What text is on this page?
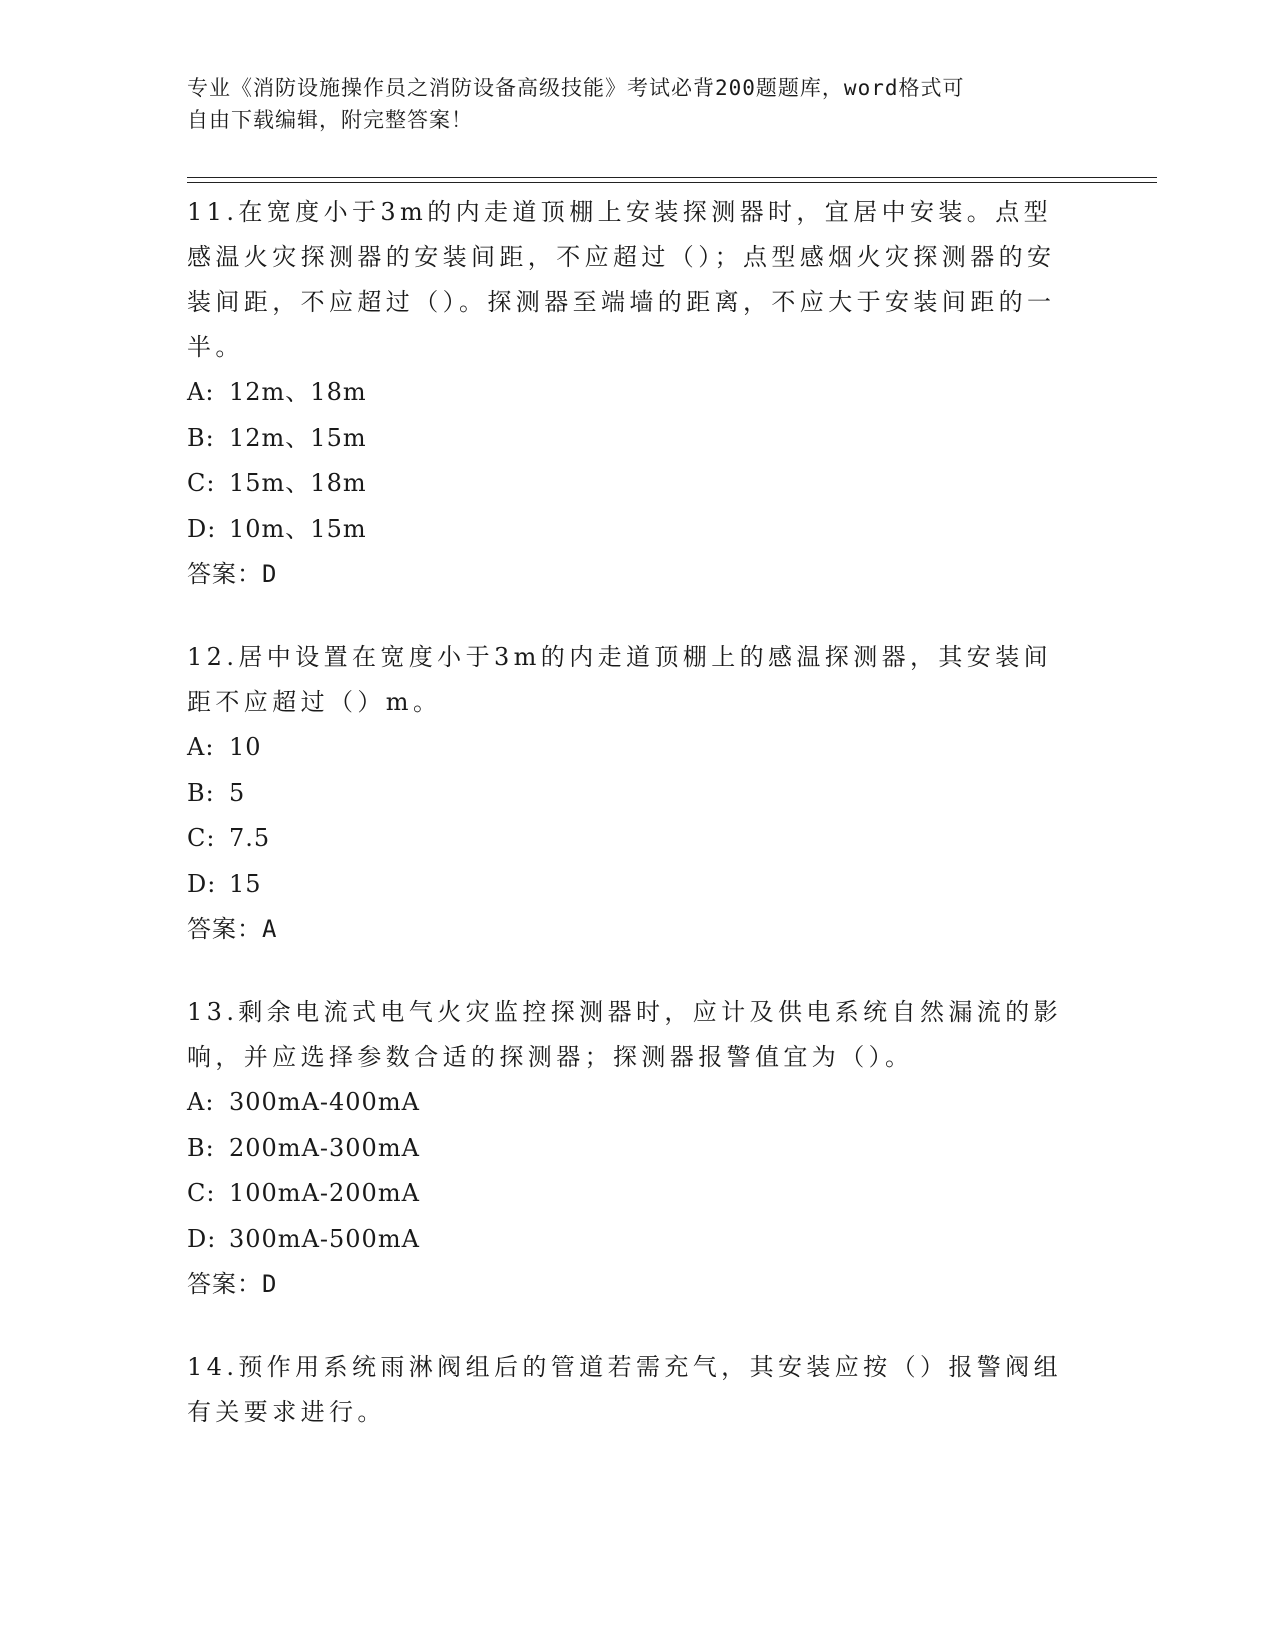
专业《消防设施操作员之消防设备高级技能》考试必背200题题库，word格式可
自由下载编辑，附完整答案！
11.在宽度小于3m的内走道顶棚上安装探测器时，宜居中安装。点型感温火灾探测器的安装间距，不应超过（）；点型感烟火灾探测器的安装间距，不应超过（）。探测器至端墙的距离，不应大于安装间距的一半。
A: 12m、18m
B: 12m、15m
C: 15m、18m
D: 10m、15m
答案：D
12.居中设置在宽度小于3m的内走道顶棚上的感温探测器，其安装间距不应超过（）m。
A: 10
B: 5
C: 7.5
D: 15
答案：A
13.剩余电流式电气火灾监控探测器时，应计及供电系统自然漏流的影响，并应选择参数合适的探测器；探测器报警值宜为（）。
A: 300mA-400mA
B: 200mA-300mA
C: 100mA-200mA
D: 300mA-500mA
答案：D
14.预作用系统雨淋阀组后的管道若需充气，其安装应按（）报警阀组有关要求进行。
